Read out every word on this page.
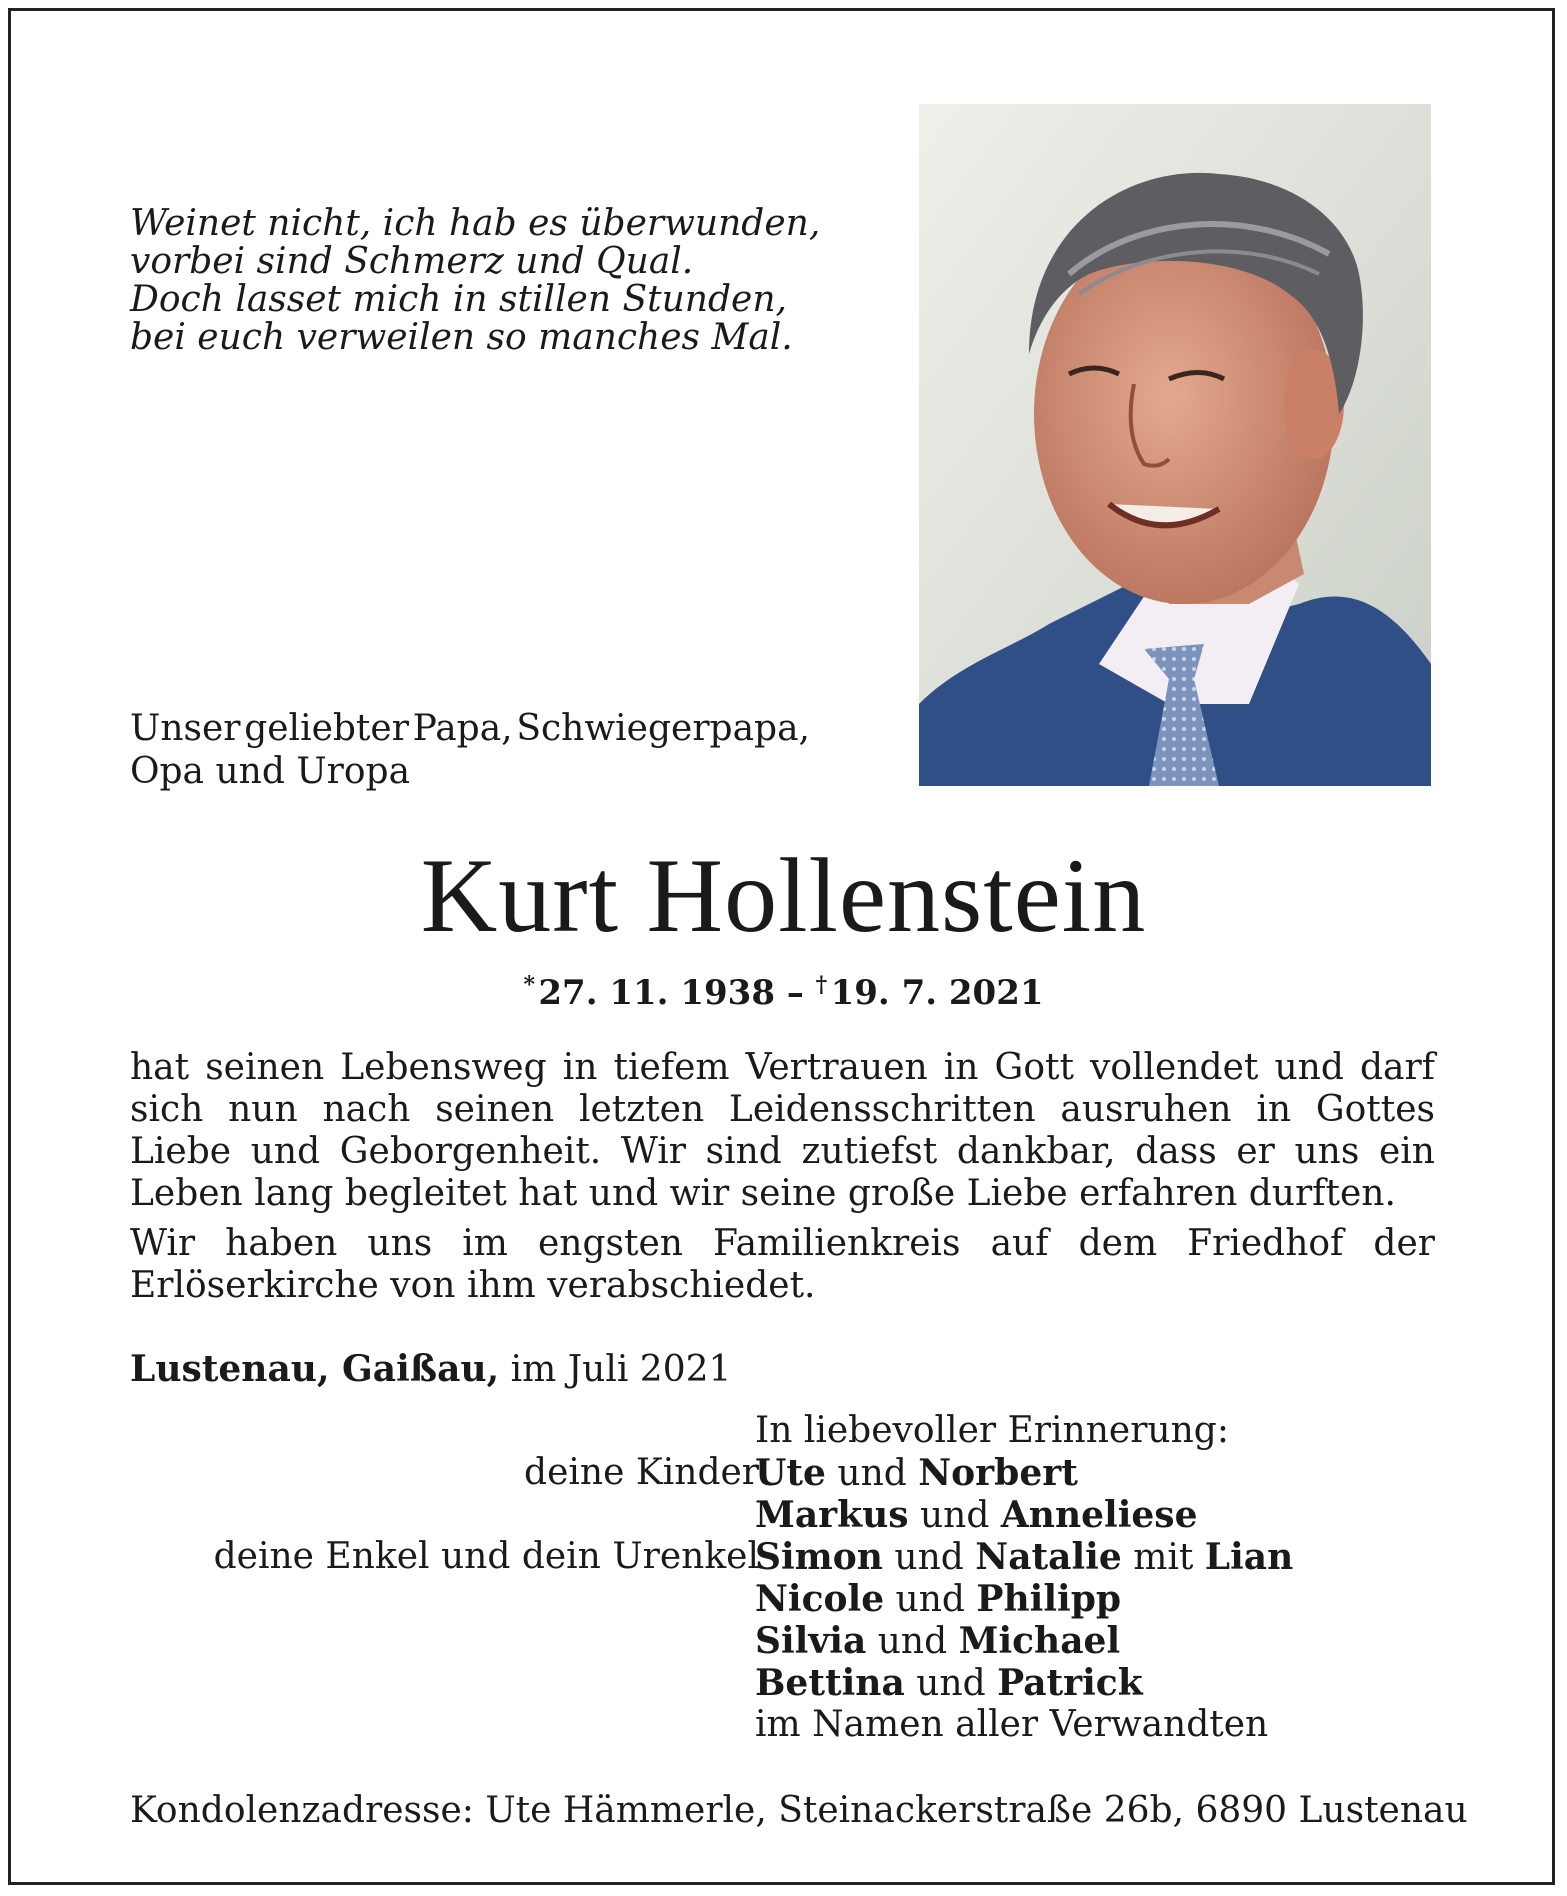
Weinet nicht, ich hab es überwunden,
vorbei sind Schmerz und Qual.
Doch lasset mich in stillen Stunden,
bei euch verweilen so manches Mal.
Unser geliebter Papa, Schwiegerpapa,
Opa und Uropa
Kurt Hollenstein
* 27. 11. 1938 – † 19. 7. 2021

hat seinen Lebensweg in tiefem Vertrauen in Gott vollendet und darf sich nun nach seinen letzten Leidensschritten ausruhen in Gottes Liebe und Geborgenheit. Wir sind zutiefst dankbar, dass er uns ein Leben lang begleitet hat und wir seine große Liebe erfahren durften.

Wir haben uns im engsten Familienkreis auf dem Friedhof der Erlöserkirche von ihm verabschiedet.

Lustenau, Gaißau, im Juli 2021
In liebevoller Erinnerung:
deine Kinder
Ute und Norbert
Markus und Anneliese
deine Enkel und dein Urenkel
Simon und Natalie mit Lian
Nicole und Philipp
Silvia und Michael
Bettina und Patrick
im Namen aller Verwandten
Kondolenzadresse: Ute Hämmerle, Steinackerstraße 26b, 6890 Lustenau
